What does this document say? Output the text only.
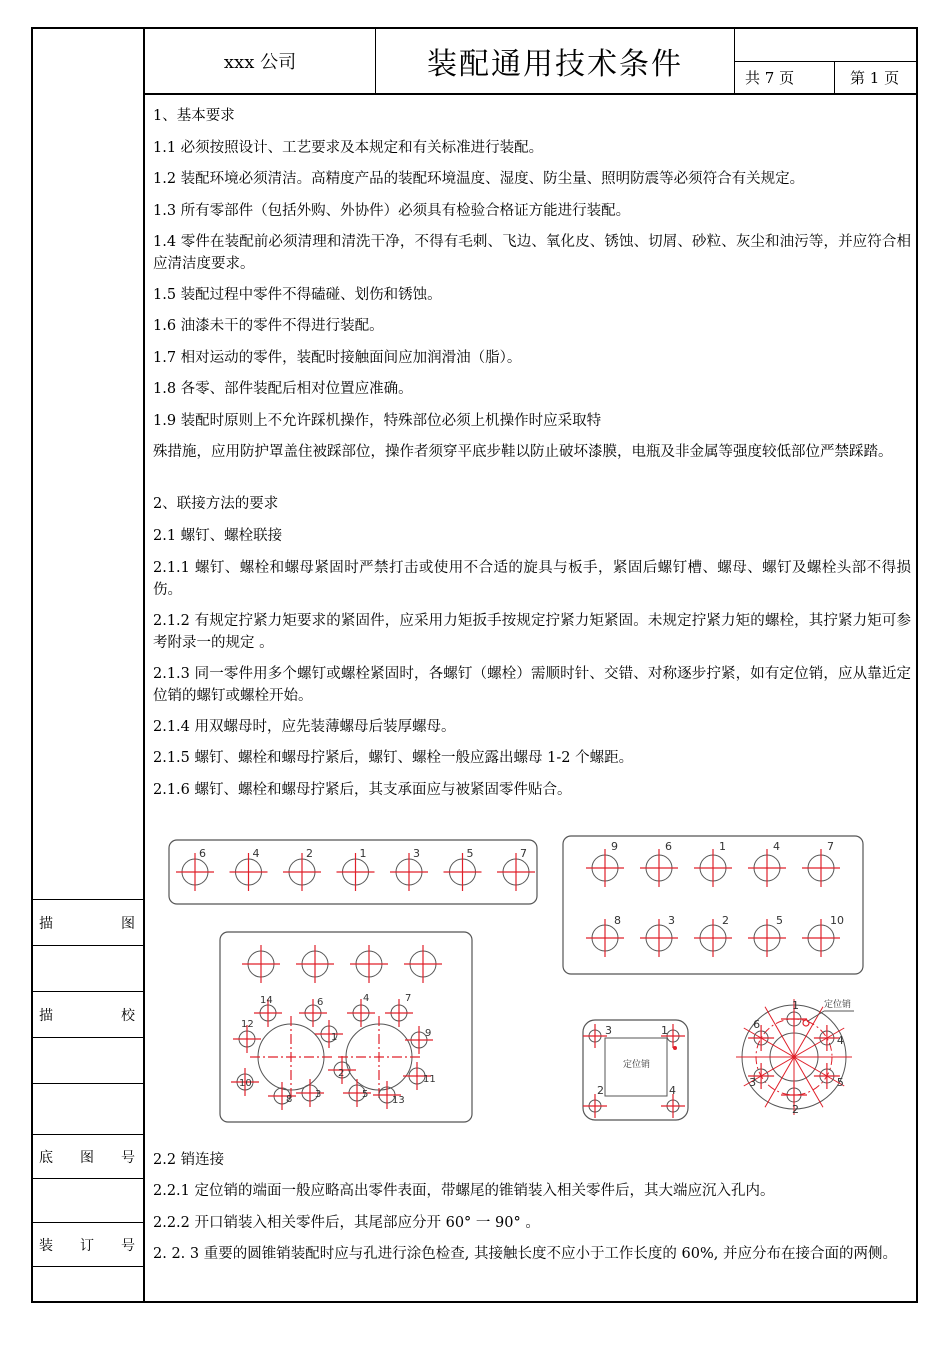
描	图
描	校
底 图 号
装 订 号
xxx 公司	装配通用技术条件	共 7 页	第 1 页
1、基本要求
1.1 必须按照设计、工艺要求及本规定和有关标准进行装配。
1.2 装配环境必须清洁。高精度产品的装配环境温度、湿度、防尘量、照明防震等必须符合有关规定。
1.3 所有零部件（包括外购、外协件）必须具有检验合格证方能进行装配。
1.4 零件在装配前必须清理和清洗干净，不得有毛刺、飞边、氧化皮、锈蚀、切屑、砂粒、灰尘和油污等，并应符合相应清洁度要求。
1.5 装配过程中零件不得磕碰、划伤和锈蚀。
1.6 油漆未干的零件不得进行装配。
1.7 相对运动的零件，装配时接触面间应加润滑油（脂）。
1.8 各零、部件装配后相对位置应准确。
1.9 装配时原则上不允许踩机操作，特殊部位必须上机操作时应采取特
殊措施，应用防护罩盖住被踩部位，操作者须穿平底步鞋以防止破坏漆膜，电瓶及非金属等强度较低部位严禁踩踏。
2、联接方法的要求
2.1 螺钉、螺栓联接
2.1.1 螺钉、螺栓和螺母紧固时严禁打击或使用不合适的旋具与板手，紧固后螺钉槽、螺母、螺钉及螺栓头部不得损伤。
2.1.2 有规定拧紧力矩要求的紧固件，应采用力矩扳手按规定拧紧力矩紧固。未规定拧紧力矩的螺栓，其拧紧力矩可参考附录一的规定 。
2.1.3 同一零件用多个螺钉或螺栓紧固时，各螺钉（螺栓）需顺时针、交错、对称逐步拧紧，如有定位销，应从靠近定位销的螺钉或螺栓开始。
2.1.4 用双螺母时，应先装薄螺母后装厚螺母。
2.1.5 螺钉、螺栓和螺母拧紧后，螺钉、螺栓一般应露出螺母 1-2 个螺距。
2.1.6 螺钉、螺栓和螺母拧紧后，其支承面应与被紧固零件贴合。
6	4	2	1	3	5	7
9	6	1	4	7
8	3	2	5	10
14	6	4	7
12
1	9
2
10
8 3	5
13
11
3	1
2	4
定位销
1
6
4
3
2
5
定位销
2.2 销连接
2.2.1 定位销的端面一般应略高出零件表面，带螺尾的锥销装入相关零件后，其大端应沉入孔内。
2.2.2 开口销装入相关零件后，其尾部应分开 60° 一 90° 。
2. 2. 3 重要的圆锥销装配时应与孔进行涂色检查, 其接触长度不应小于工作长度的 60%, 并应分布在接合面的两侧。
